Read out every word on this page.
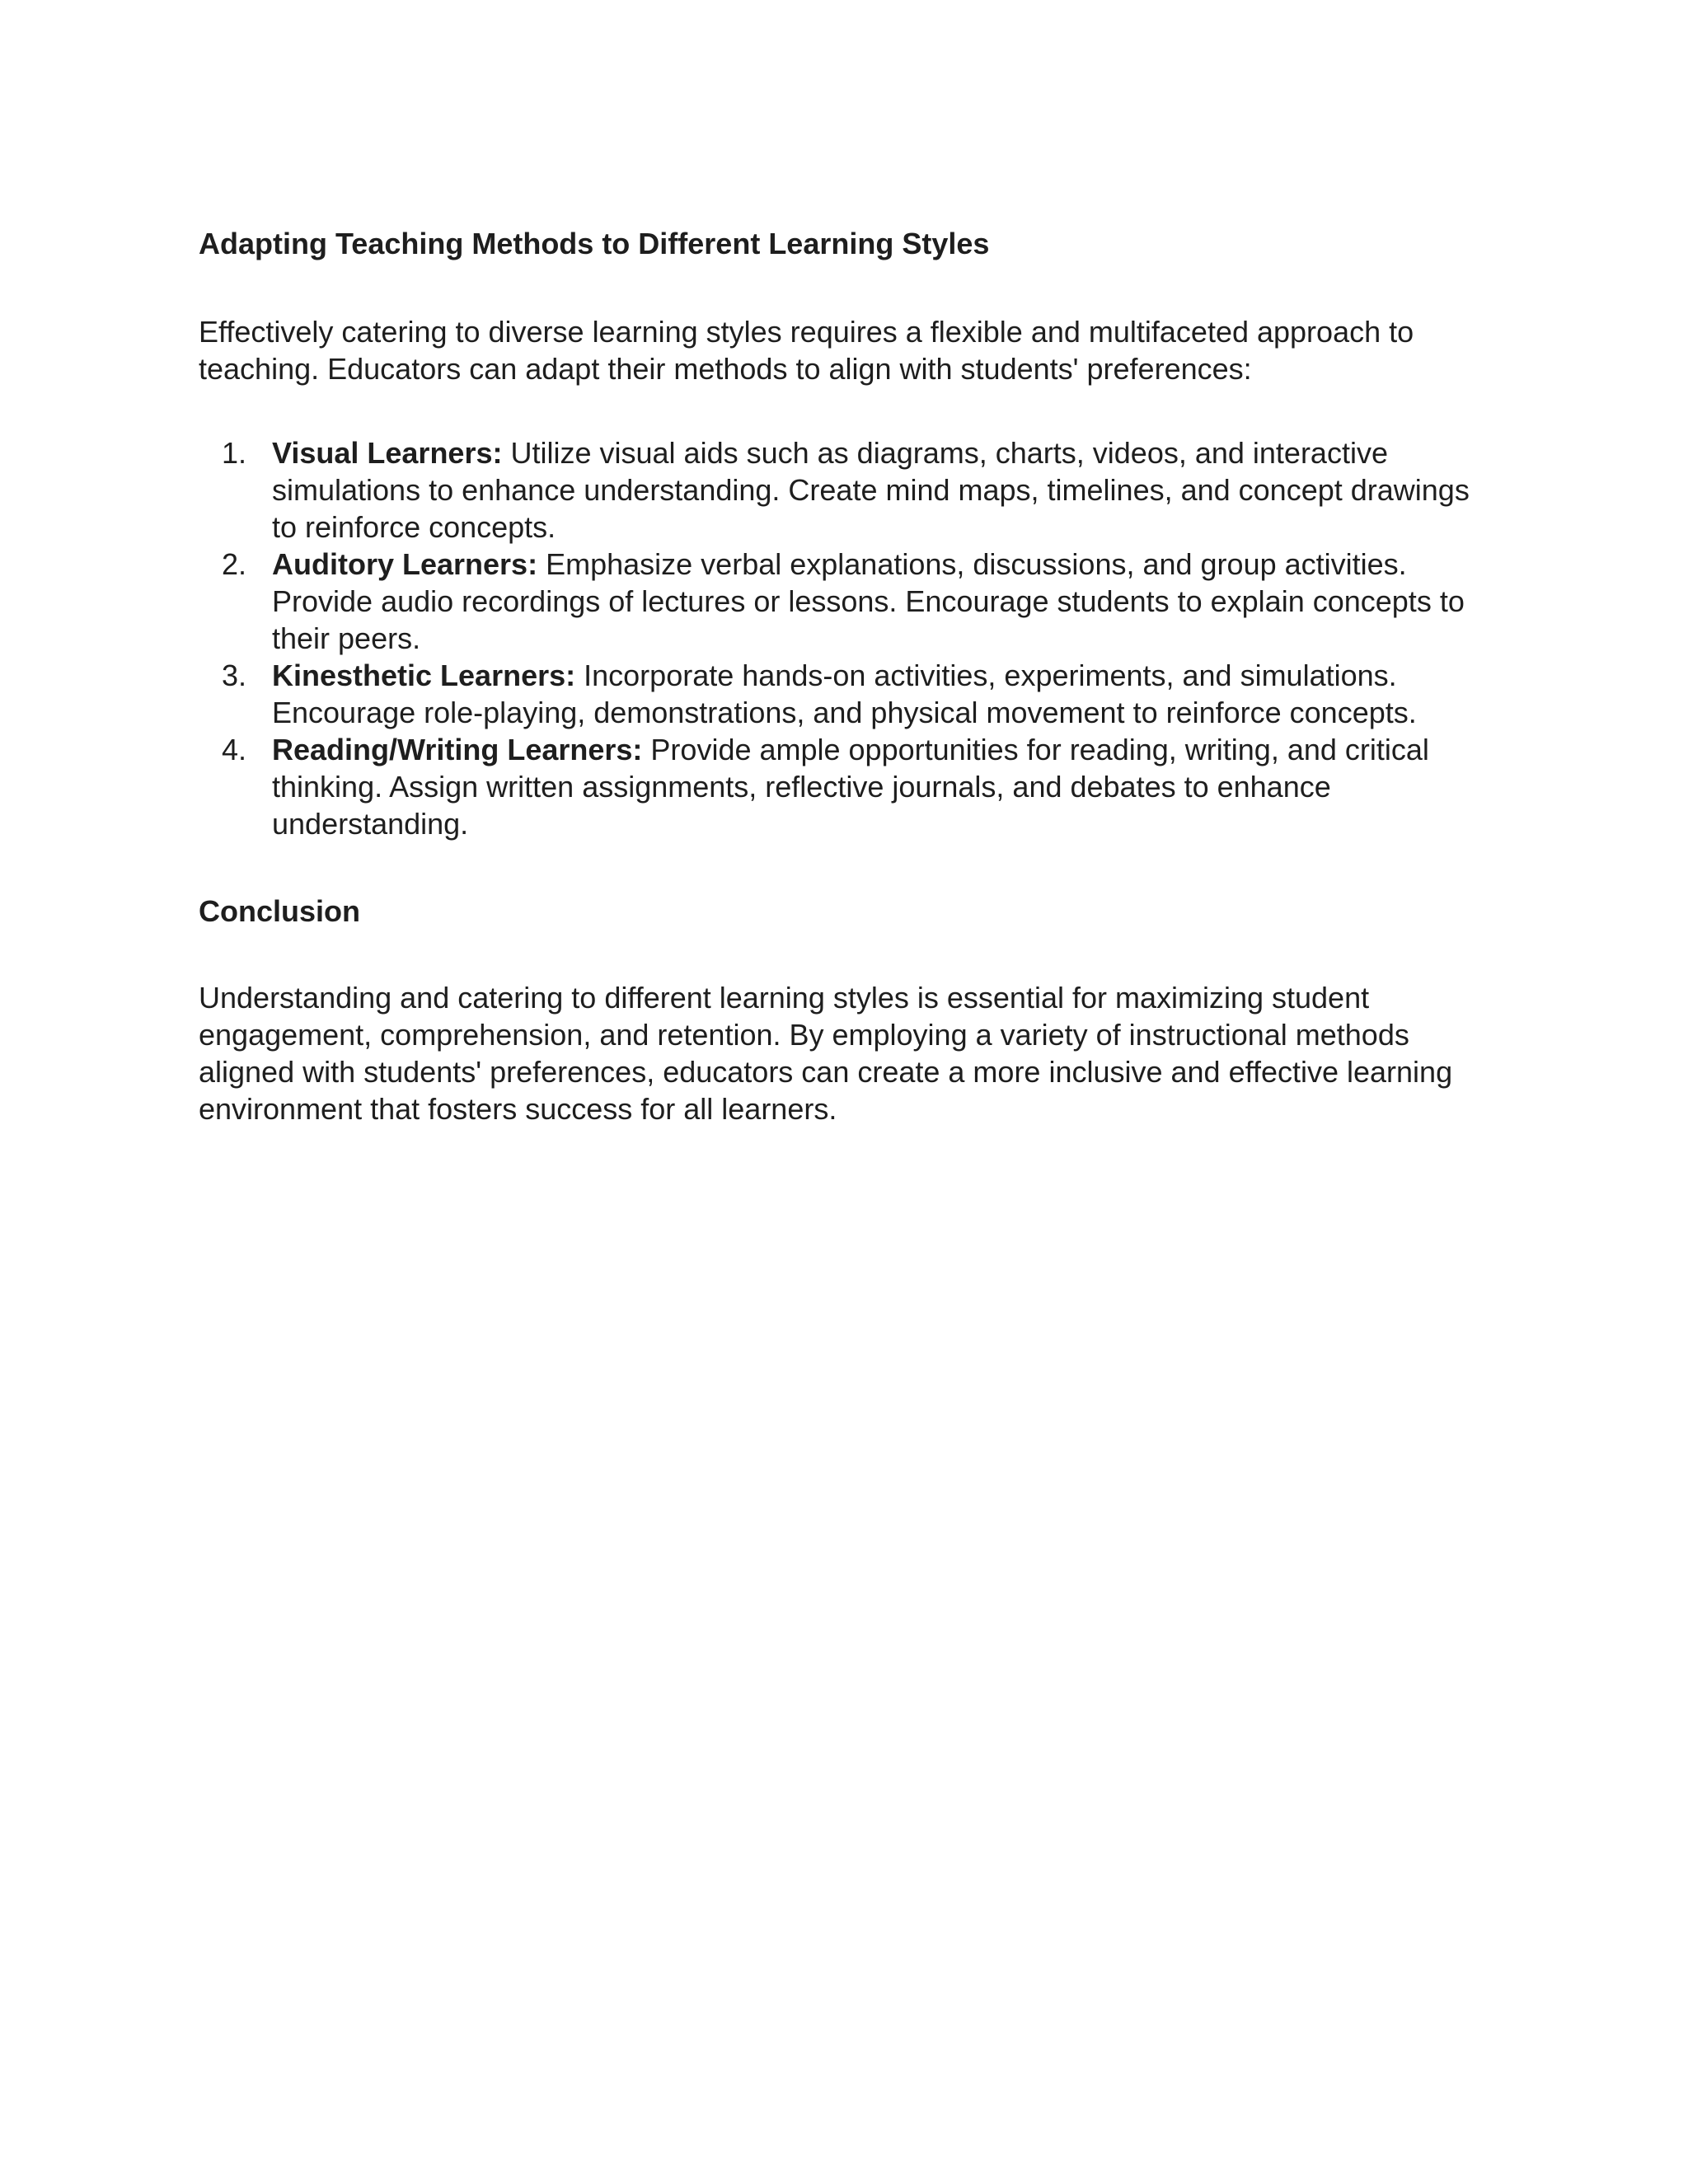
Adapting Teaching Methods to Different Learning Styles

Effectively catering to diverse learning styles requires a flexible and multifaceted approach to teaching. Educators can adapt their methods to align with students' preferences:

1. Visual Learners: Utilize visual aids such as diagrams, charts, videos, and interactive simulations to enhance understanding. Create mind maps, timelines, and concept drawings to reinforce concepts.
2. Auditory Learners: Emphasize verbal explanations, discussions, and group activities. Provide audio recordings of lectures or lessons. Encourage students to explain concepts to their peers.
3. Kinesthetic Learners: Incorporate hands-on activities, experiments, and simulations. Encourage role-playing, demonstrations, and physical movement to reinforce concepts.
4. Reading/Writing Learners: Provide ample opportunities for reading, writing, and critical thinking. Assign written assignments, reflective journals, and debates to enhance understanding.
Conclusion

Understanding and catering to different learning styles is essential for maximizing student engagement, comprehension, and retention. By employing a variety of instructional methods aligned with students' preferences, educators can create a more inclusive and effective learning environment that fosters success for all learners.
